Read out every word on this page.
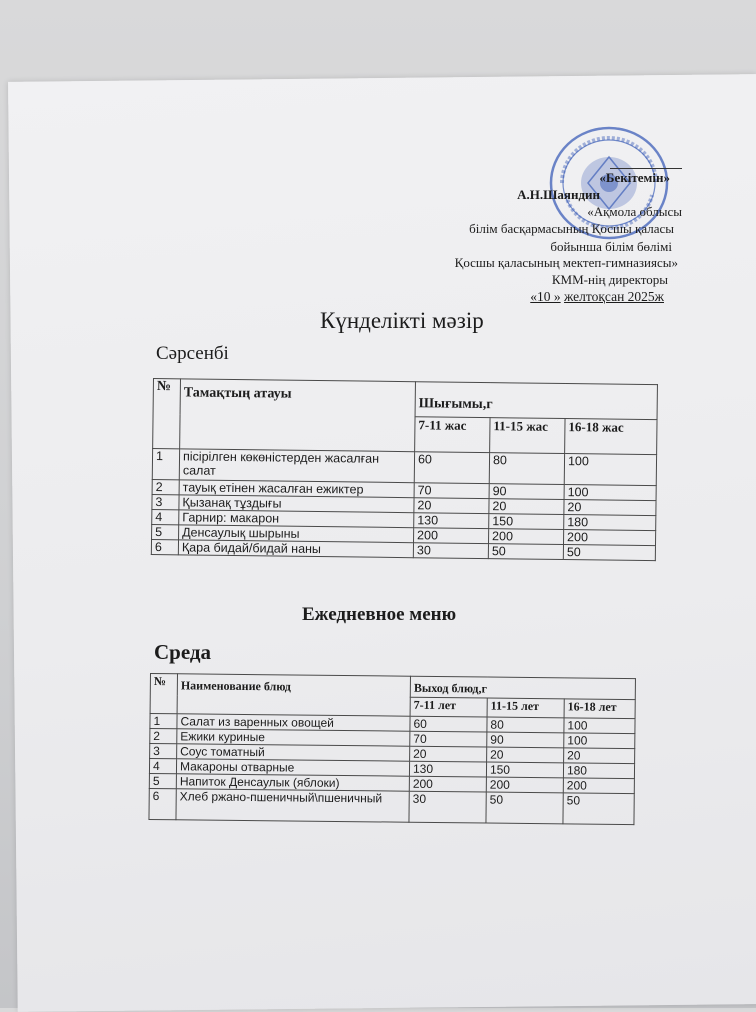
«Бекітемін»
А.Н.Шаяндин
«Ақмола облысы
білім басқармасының Қосшы қаласы
бойынша білім бөлімі
Қосшы қаласының мектеп-гимназиясы»
КММ-нің директоры
«10 » желтоқсан 2025ж
Күнделікті мәзір
Сәрсенбі
№	Тамақтың атауы	Шығымы,г		
		7-11 жас	11-15 жас	16-18 жас
1	пісірілген көкөністерден жасалған салат	60	80	100
2	тауық етінен жасалған ежиктер	70	90	100
3	Қызанақ тұздығы	20	20	20
4	Гарнир: макарон	130	150	180
5	Денсаулық шырыны	200	200	200
6	Қара бидай/бидай наны	30	50	50
Ежедневное меню
Среда
№	Наименование блюд	Выход блюд,г		
		7-11 лет	11-15 лет	16-18 лет
1	Салат из варенных овощей	60	80	100
2	Ежики куриные	70	90	100
3	Соус томатный	20	20	20
4	Макароны отварные	130	150	180
5	Напиток Денсаулык (яблоки)	200	200	200
6	Хлеб ржано-пшеничный\пшеничный	30	50	50
